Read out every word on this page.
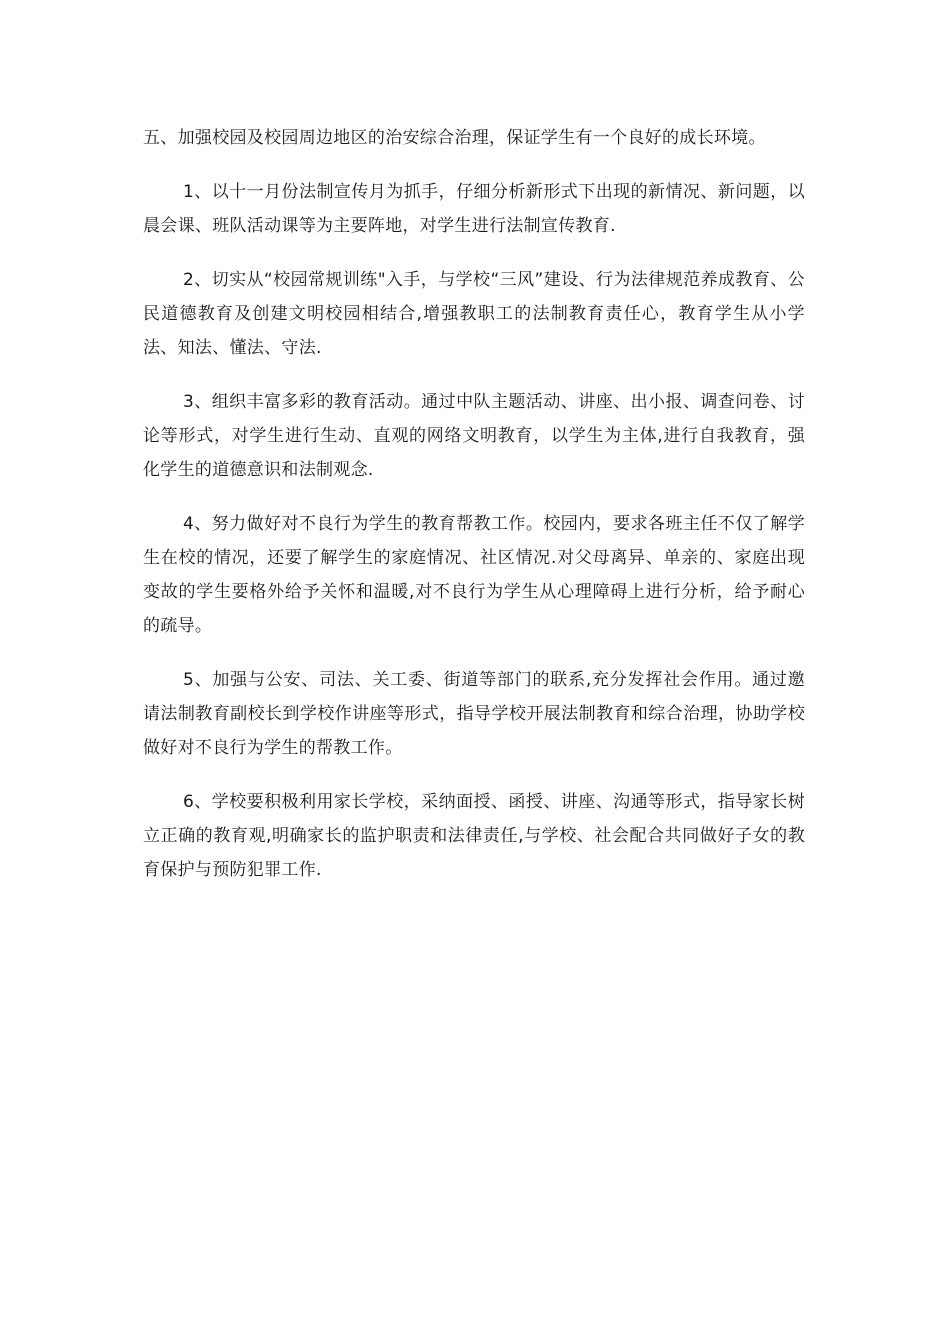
五、加强校园及校园周边地区的治安综合治理，保证学生有一个良好的成长环境。

1、以十一月份法制宣传月为抓手，仔细分析新形式下出现的新情况、新问题，以晨会课、班队活动课等为主要阵地，对学生进行法制宣传教育.

2、切实从“校园常规训练"入手，与学校“三风”建设、行为法律规范养成教育、公民道德教育及创建文明校园相结合,增强教职工的法制教育责任心，教育学生从小学法、知法、懂法、守法.

3、组织丰富多彩的教育活动。通过中队主题活动、讲座、出小报、调查问卷、讨论等形式，对学生进行生动、直观的网络文明教育，以学生为主体,进行自我教育，强化学生的道德意识和法制观念.

4、努力做好对不良行为学生的教育帮教工作。校园内，要求各班主任不仅了解学生在校的情况，还要了解学生的家庭情况、社区情况.对父母离异、单亲的、家庭出现变故的学生要格外给予关怀和温暖,对不良行为学生从心理障碍上进行分析，给予耐心的疏导。

5、加强与公安、司法、关工委、街道等部门的联系,充分发挥社会作用。通过邀请法制教育副校长到学校作讲座等形式，指导学校开展法制教育和综合治理，协助学校做好对不良行为学生的帮教工作。

6、学校要积极利用家长学校，采纳面授、函授、讲座、沟通等形式，指导家长树立正确的教育观,明确家长的监护职责和法律责任,与学校、社会配合共同做好子女的教育保护与预防犯罪工作.
